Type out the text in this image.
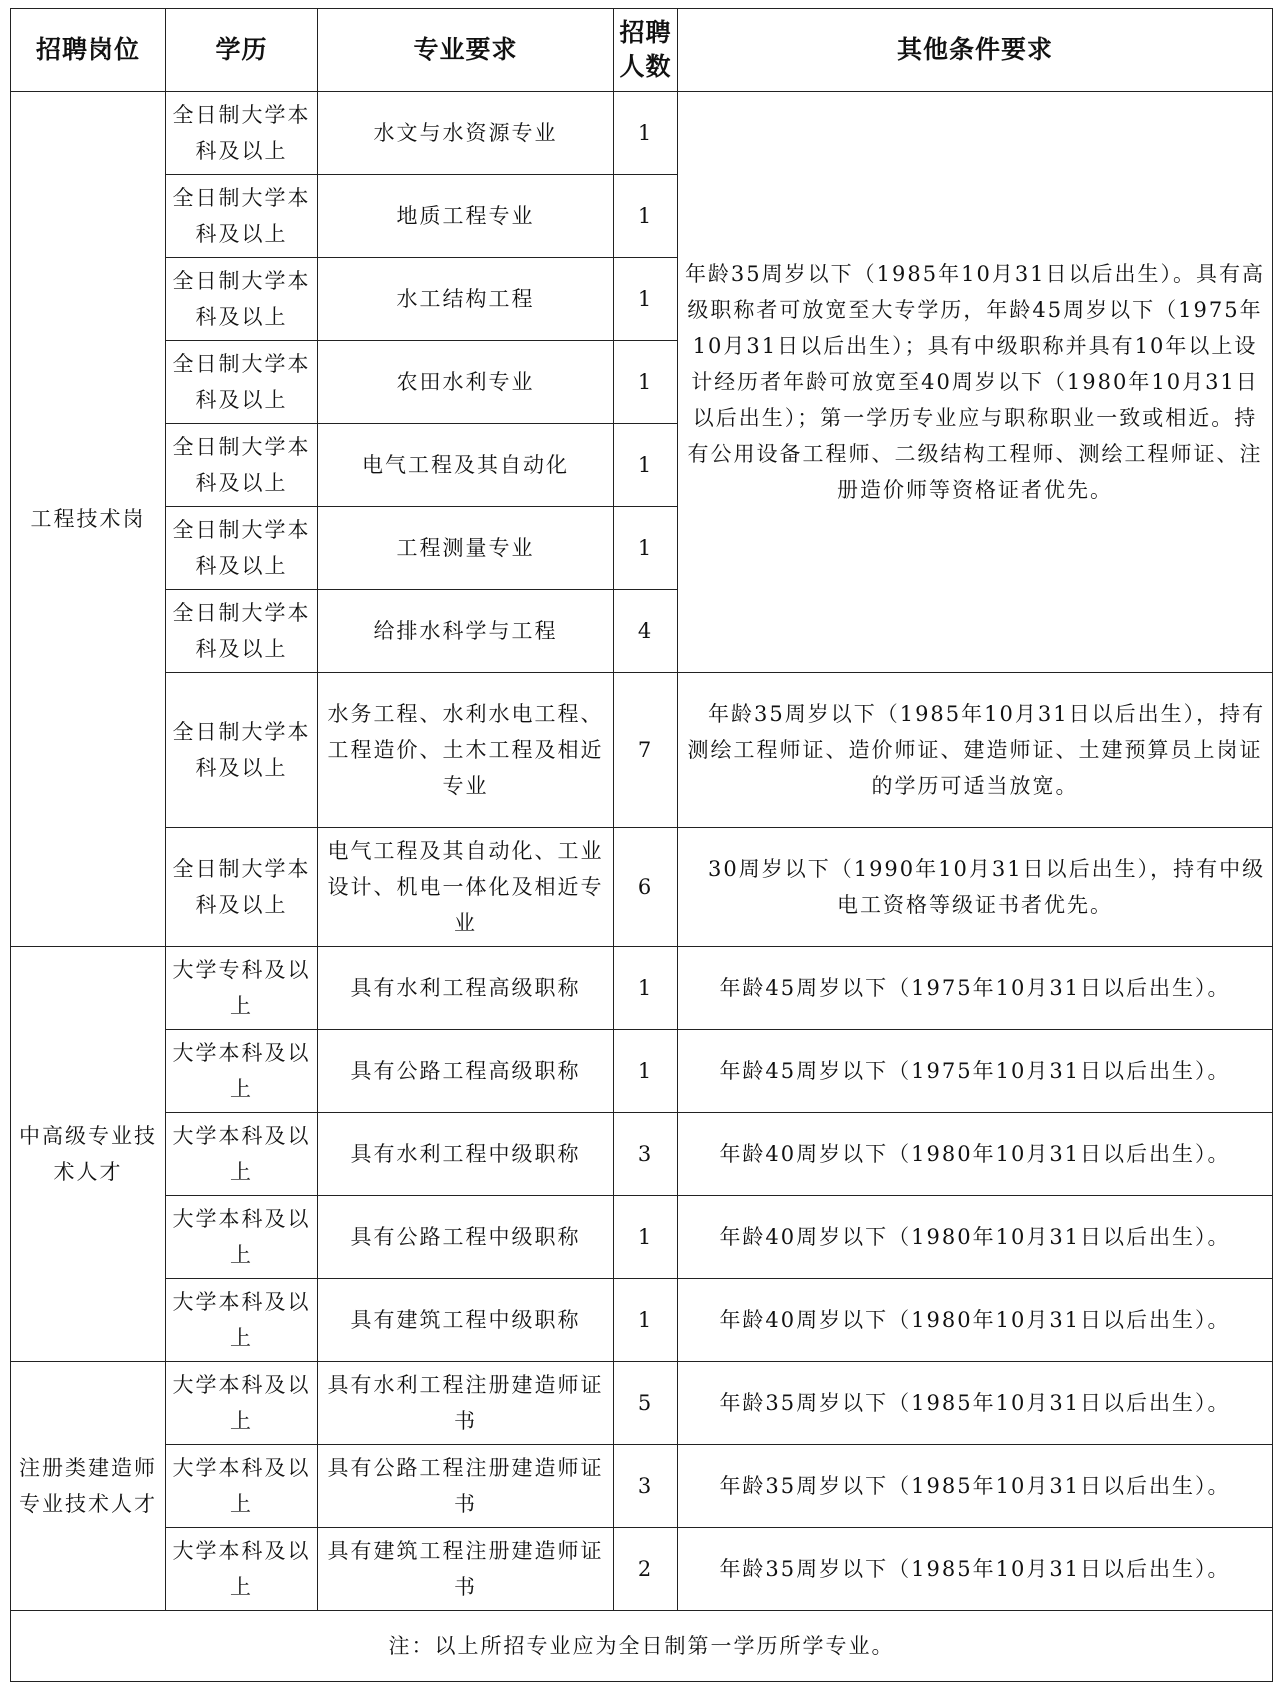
招聘岗位	学历	专业要求	招聘人数	其他条件要求
工程技术岗	全日制大学本科及以上	水文与水资源专业	1	年龄35周岁以下（1985年10月31日以后出生）。具有高级职称者可放宽至大专学历，年龄45周岁以下（1975年10月31日以后出生）；具有中级职称并具有10年以上设计经历者年龄可放宽至40周岁以下（1980年10月31日以后出生）；第一学历专业应与职称职业一致或相近。持有公用设备工程师、二级结构工程师、测绘工程师证、注册造价师等资格证者优先。
	全日制大学本科及以上	地质工程专业	1	
	全日制大学本科及以上	水工结构工程	1	
	全日制大学本科及以上	农田水利专业	1	
	全日制大学本科及以上	电气工程及其自动化	1	
	全日制大学本科及以上	工程测量专业	1	
	全日制大学本科及以上	给排水科学与工程	4	
	全日制大学本科及以上	水务工程、水利水电工程、工程造价、土木工程及相近专业	7	年龄35周岁以下（1985年10月31日以后出生），持有测绘工程师证、造价师证、建造师证、土建预算员上岗证的学历可适当放宽。
	全日制大学本科及以上	电气工程及其自动化、工业设计、机电一体化及相近专业	6	30周岁以下（1990年10月31日以后出生），持有中级电工资格等级证书者优先。
中高级专业技术人才	大学专科及以上	具有水利工程高级职称	1	年龄45周岁以下（1975年10月31日以后出生）。
	大学本科及以上	具有公路工程高级职称	1	年龄45周岁以下（1975年10月31日以后出生）。
	大学本科及以上	具有水利工程中级职称	3	年龄40周岁以下（1980年10月31日以后出生）。
	大学本科及以上	具有公路工程中级职称	1	年龄40周岁以下（1980年10月31日以后出生）。
	大学本科及以上	具有建筑工程中级职称	1	年龄40周岁以下（1980年10月31日以后出生）。
注册类建造师专业技术人才	大学本科及以上	具有水利工程注册建造师证书	5	年龄35周岁以下（1985年10月31日以后出生）。
	大学本科及以上	具有公路工程注册建造师证书	3	年龄35周岁以下（1985年10月31日以后出生）。
	大学本科及以上	具有建筑工程注册建造师证书	2	年龄35周岁以下（1985年10月31日以后出生）。
注：以上所招专业应为全日制第一学历所学专业。				
